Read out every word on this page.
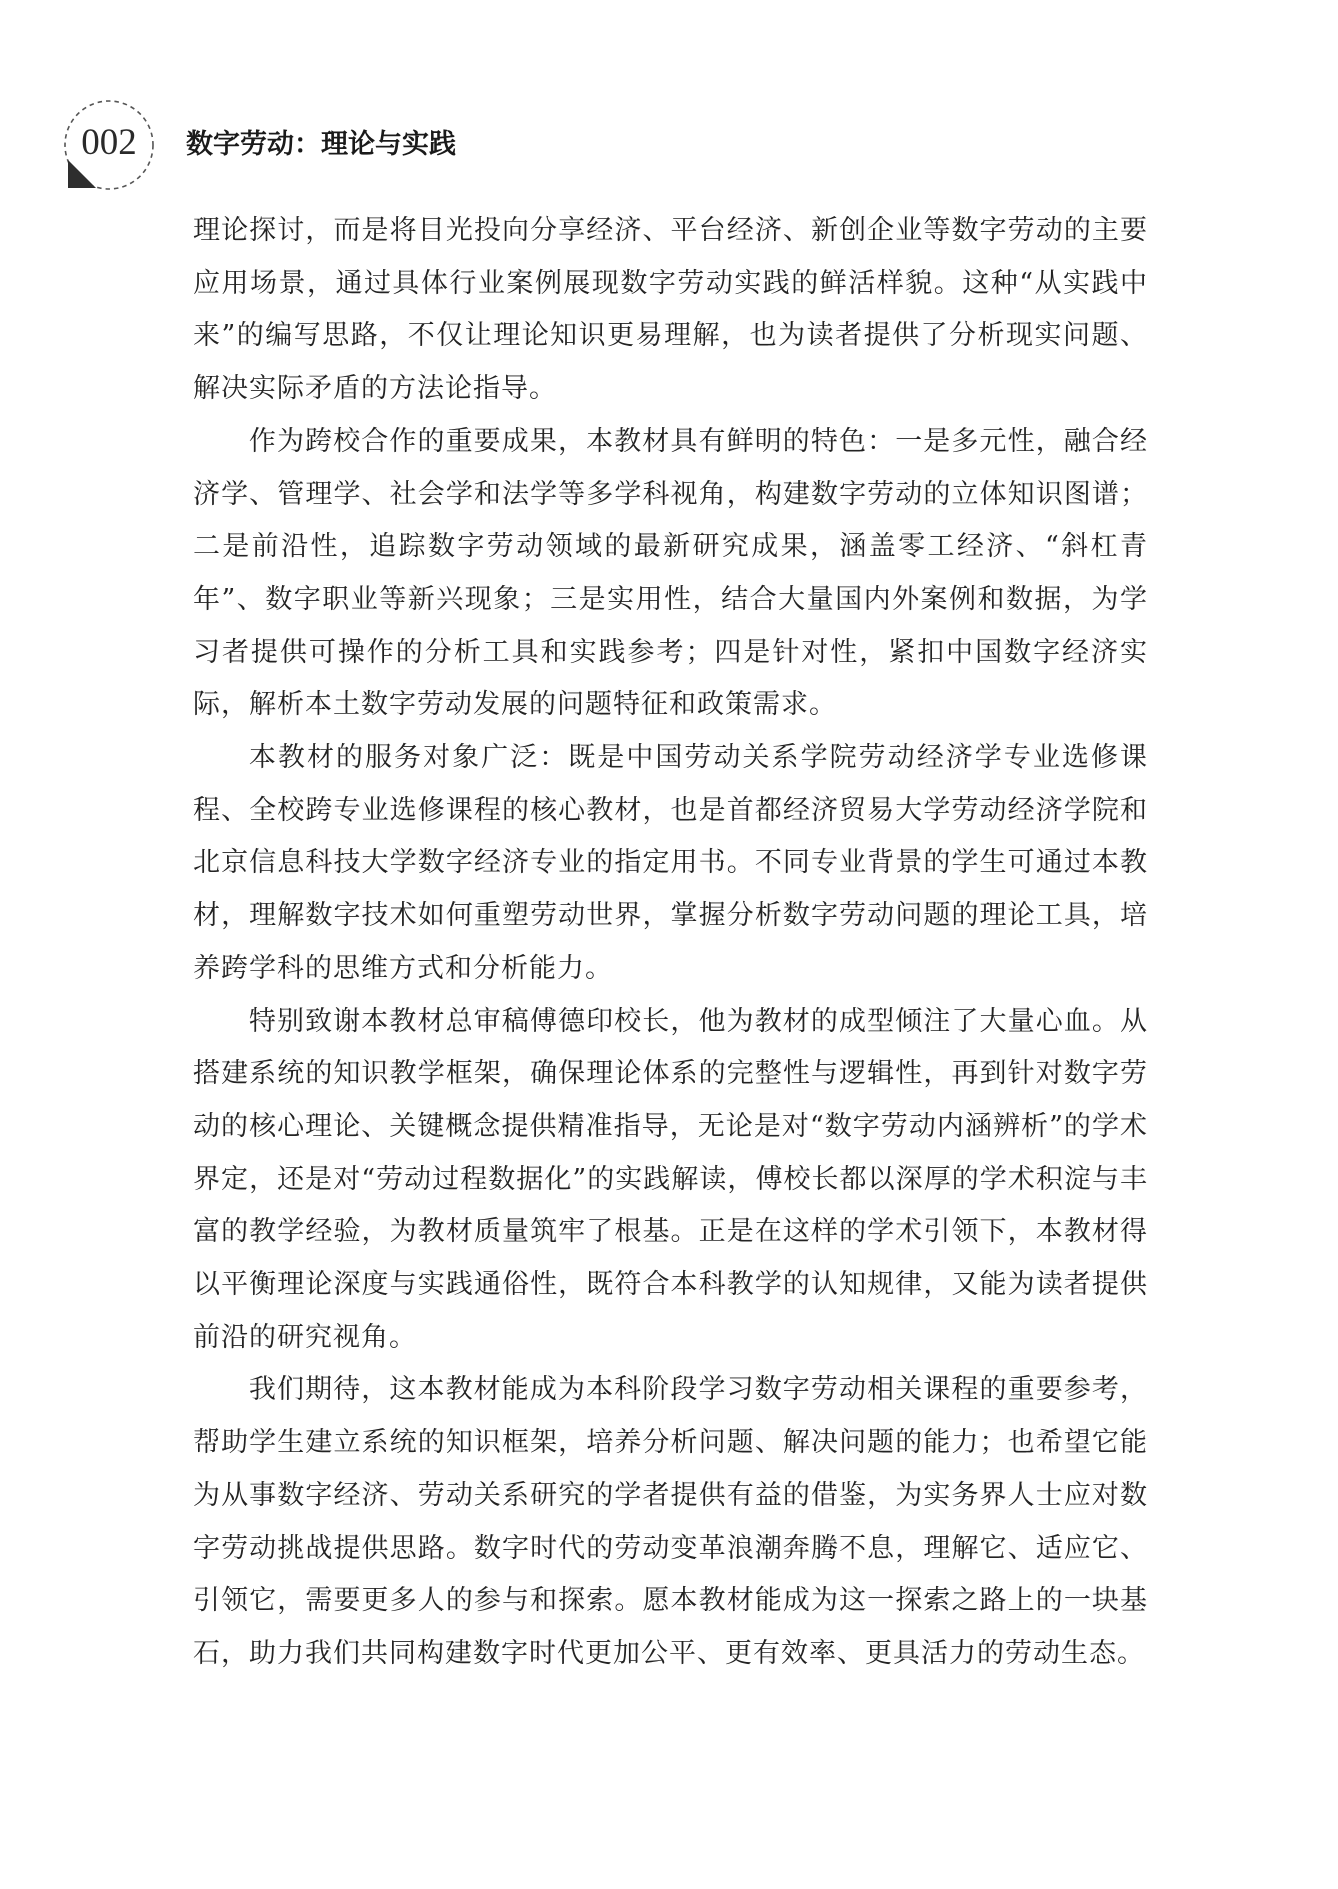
002	数字劳动：理论与实践

理论探讨，而是将目光投向分享经济、平台经济、新创企业等数字劳动的主要应用场景，通过具体行业案例展现数字劳动实践的鲜活样貌。这种“从实践中来”的编写思路，不仅让理论知识更易理解，也为读者提供了分析现实问题、解决实际矛盾的方法论指导。

作为跨校合作的重要成果，本教材具有鲜明的特色：一是多元性，融合经济学、管理学、社会学和法学等多学科视角，构建数字劳动的立体知识图谱；二是前沿性，追踪数字劳动领域的最新研究成果，涵盖零工经济、“斜杠青年”、数字职业等新兴现象；三是实用性，结合大量国内外案例和数据，为学习者提供可操作的分析工具和实践参考；四是针对性，紧扣中国数字经济实际，解析本土数字劳动发展的问题特征和政策需求。

本教材的服务对象广泛：既是中国劳动关系学院劳动经济学专业选修课程、全校跨专业选修课程的核心教材，也是首都经济贸易大学劳动经济学院和北京信息科技大学数字经济专业的指定用书。不同专业背景的学生可通过本教材，理解数字技术如何重塑劳动世界，掌握分析数字劳动问题的理论工具，培养跨学科的思维方式和分析能力。

特别致谢本教材总审稿傅德印校长，他为教材的成型倾注了大量心血。从搭建系统的知识教学框架，确保理论体系的完整性与逻辑性，再到针对数字劳动的核心理论、关键概念提供精准指导，无论是对“数字劳动内涵辨析”的学术界定，还是对“劳动过程数据化”的实践解读，傅校长都以深厚的学术积淀与丰富的教学经验，为教材质量筑牢了根基。正是在这样的学术引领下，本教材得以平衡理论深度与实践通俗性，既符合本科教学的认知规律，又能为读者提供前沿的研究视角。

我们期待，这本教材能成为本科阶段学习数字劳动相关课程的重要参考，帮助学生建立系统的知识框架，培养分析问题、解决问题的能力；也希望它能为从事数字经济、劳动关系研究的学者提供有益的借鉴，为实务界人士应对数字劳动挑战提供思路。数字时代的劳动变革浪潮奔腾不息，理解它、适应它、引领它，需要更多人的参与和探索。愿本教材能成为这一探索之路上的一块基石，助力我们共同构建数字时代更加公平、更有效率、更具活力的劳动生态。
